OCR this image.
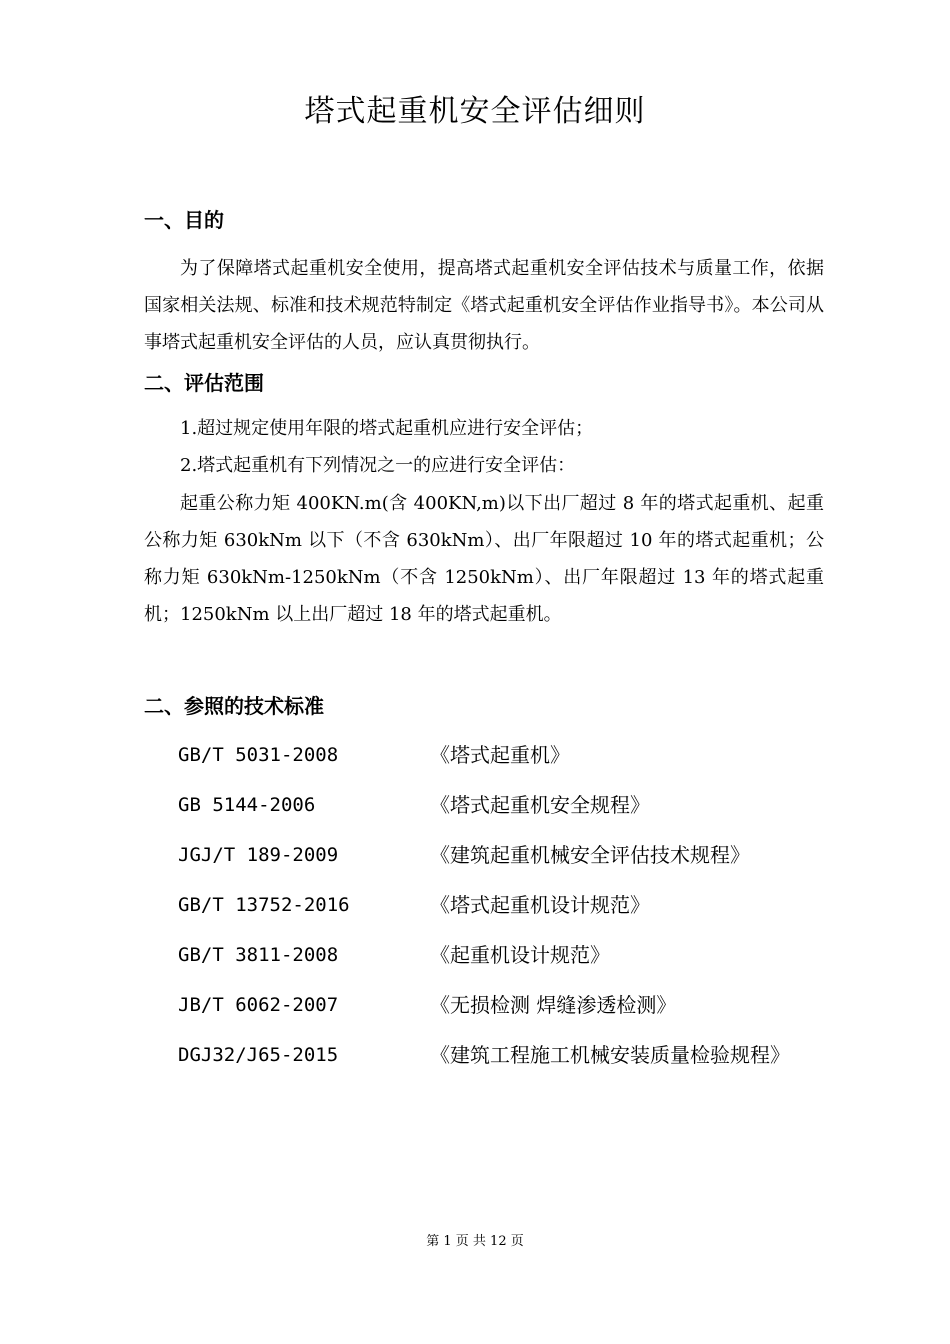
塔式起重机安全评估细则
一、目的
为了保障塔式起重机安全使用，提高塔式起重机安全评估技术与质量工作，依据国家相关法规、标准和技术规范特制定《塔式起重机安全评估作业指导书》。本公司从事塔式起重机安全评估的人员，应认真贯彻执行。
二、评估范围
1.超过规定使用年限的塔式起重机应进行安全评估；
2.塔式起重机有下列情况之一的应进行安全评估：
起重公称力矩 400KN.m(含 400KN,m)以下出厂超过 8 年的塔式起重机、起重公称力矩 630kNm 以下（不含 630kNm）、出厂年限超过 10 年的塔式起重机；公称力矩 630kNm-1250kNm（不含 1250kNm）、出厂年限超过 13 年的塔式起重机；1250kNm 以上出厂超过 18 年的塔式起重机。
二、参照的技术标准
GB/T 5031-2008	《塔式起重机》
GB 5144-2006	《塔式起重机安全规程》
JGJ/T 189-2009	《建筑起重机械安全评估技术规程》
GB/T 13752-2016	《塔式起重机设计规范》
GB/T 3811-2008	《起重机设计规范》
JB/T 6062-2007	《无损检测 焊缝渗透检测》
DGJ32/J65-2015	《建筑工程施工机械安装质量检验规程》
第 1 页 共 12 页
